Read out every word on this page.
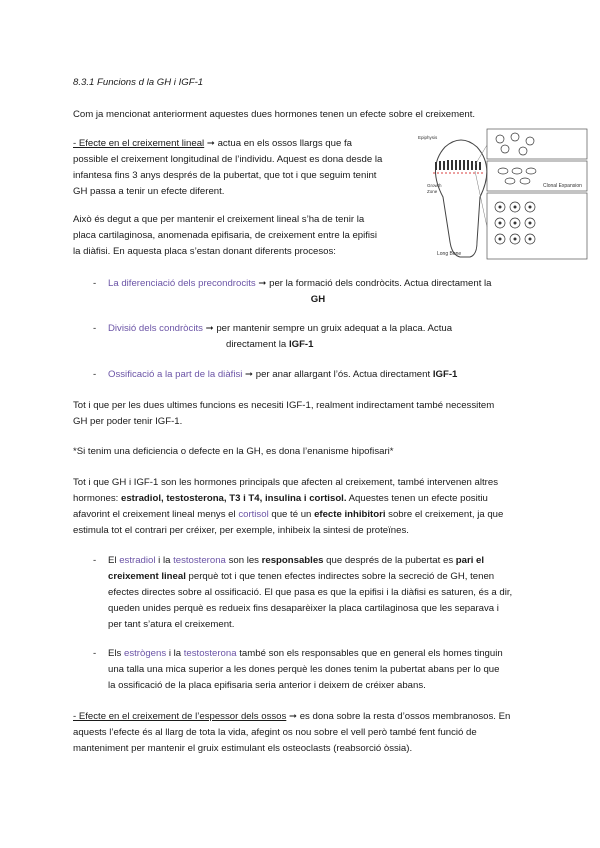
8.3.1 Funcions d la GH i IGF-1
Com ja mencionat anteriorment aquestes dues hormones tenen un efecte sobre el creixement.
- Efecte en el creixement lineal ➞ actua en els ossos llargs que fa
possible el creixement longitudinal de l’individu. Aquest es dona desde la
infantesa fins 3 anys després de la pubertat, que tot i que seguim tenint
GH passa a tenir un efecte diferent.
Això és degut a que per mantenir el creixement lineal s’ha de tenir la
placa cartilaginosa, anomenada epifisaria, de creixement entre la epifisi
la diàfisi. En aquesta placa s’estan donant diferents procesos:
Epiphysis
Growth
Zone
Long Bone
Clonal Expansion
- La diferenciació dels precondrocits ➞ per la formació dels condròcits. Actua directament la
GH
- Divisió dels condròcits ➞ per mantenir sempre un gruix adequat a la placa. Actua
directament la IGF-1
- Ossificació a la part de la diàfisi ➞ per anar allargant l’ós. Actua directament IGF-1
Tot i que per les dues ultimes funcions es necesiti IGF-1, realment indirectament també necessitem
GH per poder tenir IGF-1.
*Si tenim una deficiencia o defecte en la GH, es dona l’enanisme hipofisari*
Tot i que GH i IGF-1 son les hormones principals que afecten al creixement, també intervenen altres
hormones: estradiol, testosterona, T3 i T4, insulina i cortisol. Aquestes tenen un efecte positiu
afavorint el creixement lineal menys el cortisol que té un efecte inhibitori sobre el creixement, ja que
estimula tot el contrari per créixer, per exemple, inhibeix la sintesi de proteïnes.
- El estradiol i la testosterona son les responsables que després de la pubertat es pari el
creixement lineal perquè tot i que tenen efectes indirectes sobre la secreció de GH, tenen
efectes directes sobre al ossificació. El que pasa es que la epifisi i la diàfisi es saturen, és a dir,
queden unides perquè es redueix fins desaparèixer la placa cartilaginosa que les separava i
per tant s’atura el creixement.
- Els estrògens i la testosterona també son els responsables que en general els homes tinguin
una talla una mica superior a les dones perquè les dones tenim la pubertat abans per lo que
la ossificació de la placa epifisaria seria anterior i deixem de créixer abans.
- Efecte en el creixement de l’espessor dels ossos ➞ es dona sobre la resta d’ossos membranosos. En
aquests l’efecte és al llarg de tota la vida, afegint os nou sobre el vell però també fent funció de
manteniment per mantenir el gruix estimulant els osteoclasts (reabsorció òssia).
